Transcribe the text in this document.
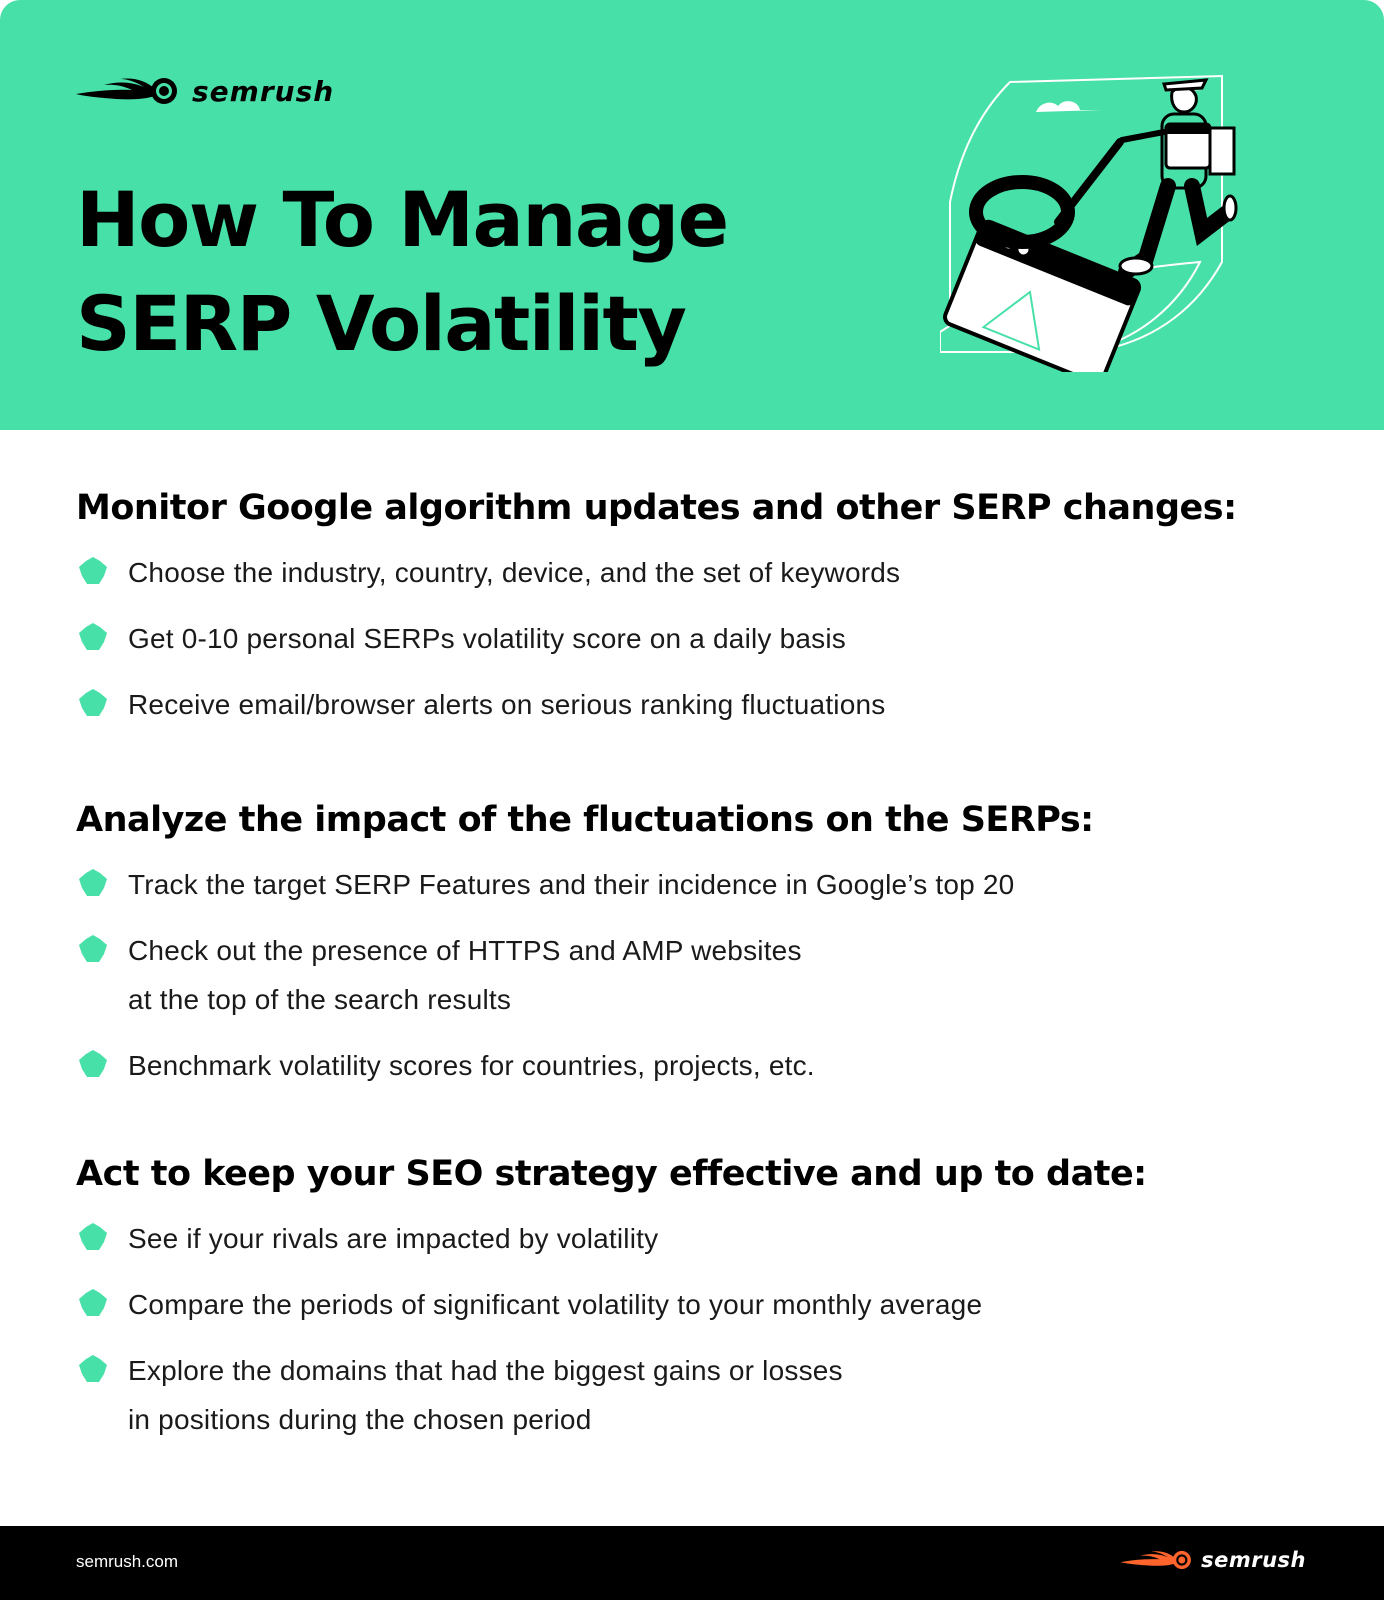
semrush
How To Manage
SERP Volatility
Monitor Google algorithm updates and other SERP changes:
Choose the industry, country, device, and the set of keywords
Get 0-10 personal SERPs volatility score on a daily basis
Receive email/browser alerts on serious ranking fluctuations
Analyze the impact of the fluctuations on the SERPs:
Track the target SERP Features and their incidence in Google’s top 20
Check out the presence of HTTPS and AMP websites
at the top of the search results
Benchmark volatility scores for countries, projects, etc.
Act to keep your SEO strategy effective and up to date:
See if your rivals are impacted by volatility
Compare the periods of significant volatility to your monthly average
Explore the domains that had the biggest gains or losses
in positions during the chosen period
semrush.com	semrush
